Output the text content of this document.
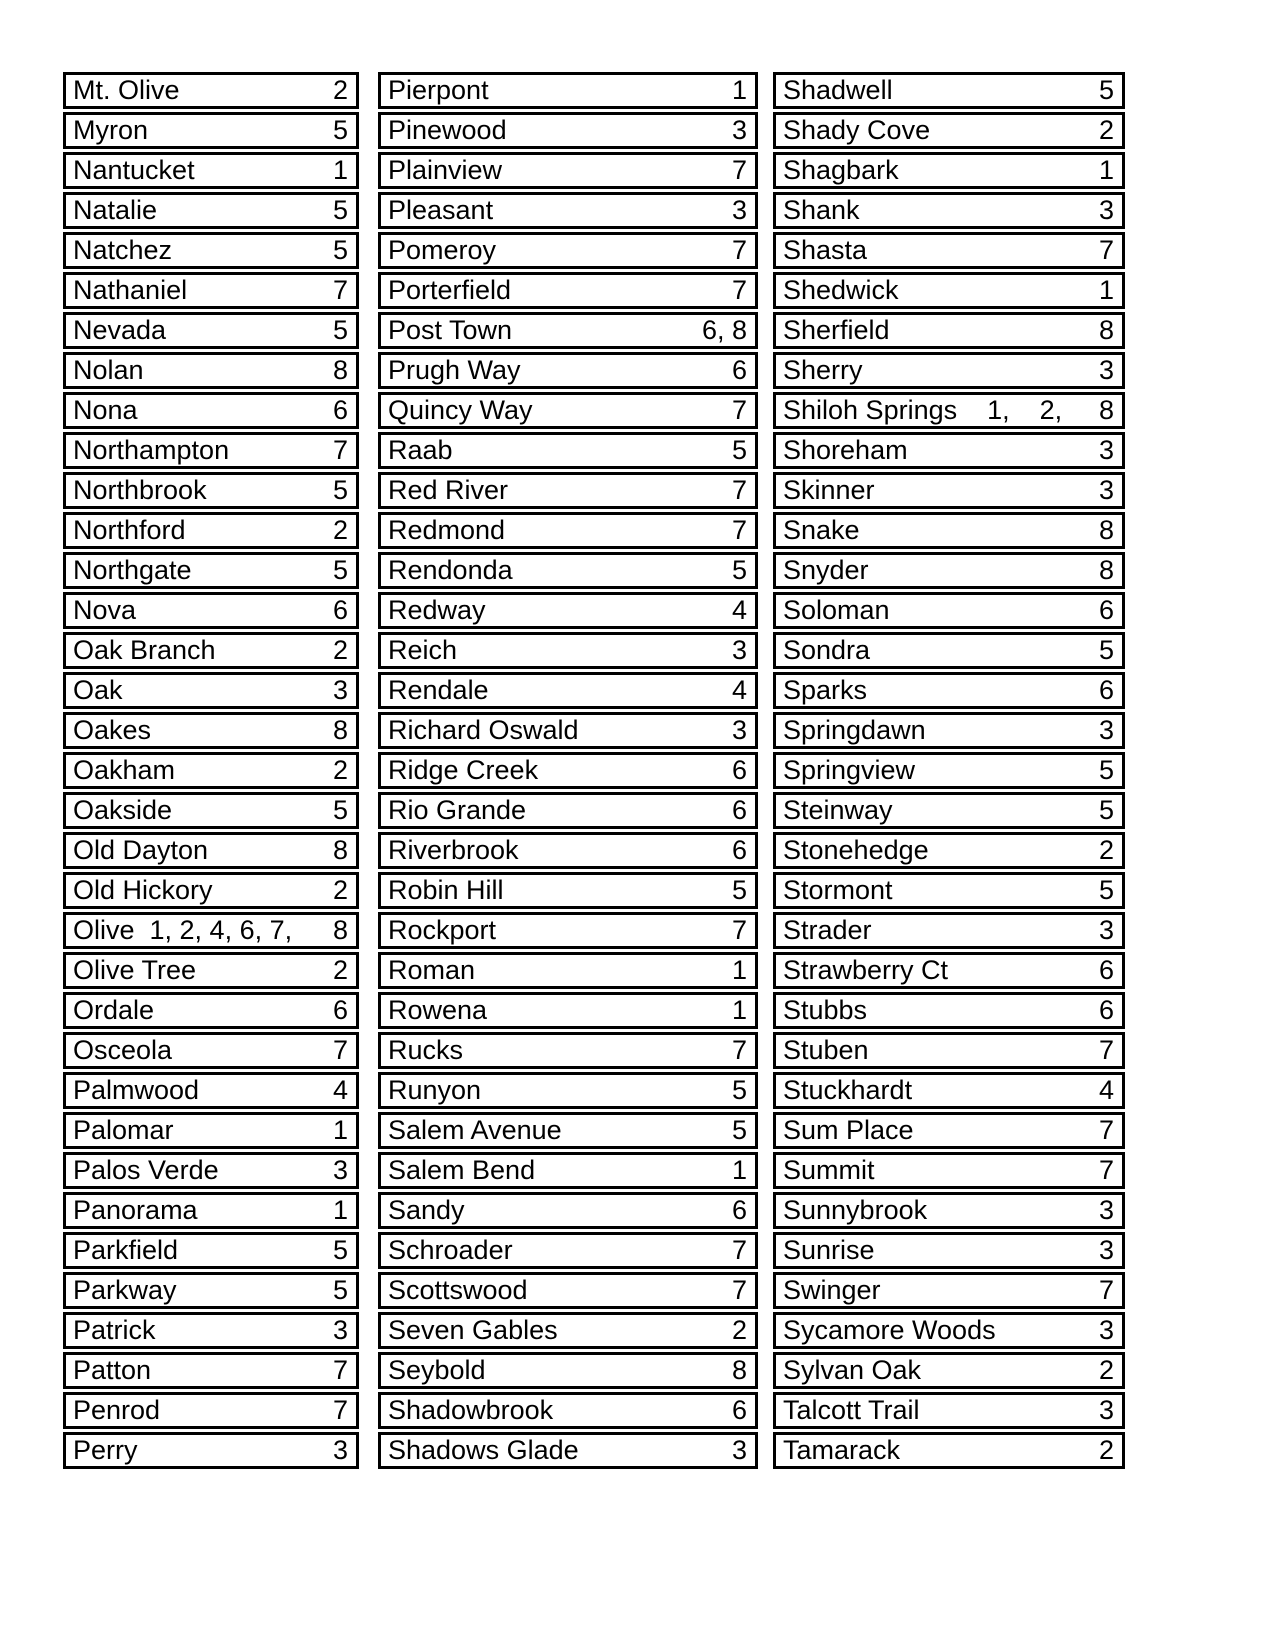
Mt. Olive	2
Myron	5
Nantucket	1
Natalie	5
Natchez	5
Nathaniel	7
Nevada	5
Nolan	8
Nona	6
Northampton	7
Northbrook	5
Northford	2
Northgate	5
Nova	6
Oak Branch	2
Oak	3
Oakes	8
Oakham	2
Oakside	5
Old Dayton	8
Old Hickory	2
Olive  1, 2, 4, 6, 7, 8
Olive Tree	2
Ordale	6
Osceola	7
Palmwood	4
Palomar	1
Palos Verde	3
Panorama	1
Parkfield	5
Parkway	5
Patrick	3
Patton	7
Penrod	7
Perry	3
Pierpont	1
Pinewood	3
Plainview	7
Pleasant	3
Pomeroy	7
Porterfield	7
Post Town	6, 8
Prugh Way	6
Quincy Way	7
Raab	5
Red River	7
Redmond	7
Rendonda	5
Redway	4
Reich	3
Rendale	4
Richard Oswald	3
Ridge Creek	6
Rio Grande	6
Riverbrook	6
Robin Hill	5
Rockport	7
Roman	1
Rowena	1
Rucks	7
Runyon	5
Salem Avenue	5
Salem Bend	1
Sandy	6
Schroader	7
Scottswood	7
Seven Gables	2
Seybold	8
Shadowbrook	6
Shadows Glade	3
Shadwell	5
Shady Cove	2
Shagbark	1
Shank	3
Shasta	7
Shedwick	1
Sherfield	8
Sherry	3
Shiloh Springs    1,    2, 8
Shoreham	3
Skinner	3
Snake	8
Snyder	8
Soloman	6
Sondra	5
Sparks	6
Springdawn	3
Springview	5
Steinway	5
Stonehedge	2
Stormont	5
Strader	3
Strawberry Ct	6
Stubbs	6
Stuben	7
Stuckhardt	4
Sum Place	7
Summit	7
Sunnybrook	3
Sunrise	3
Swinger	7
Sycamore Woods	3
Sylvan Oak	2
Talcott Trail	3
Tamarack	2
